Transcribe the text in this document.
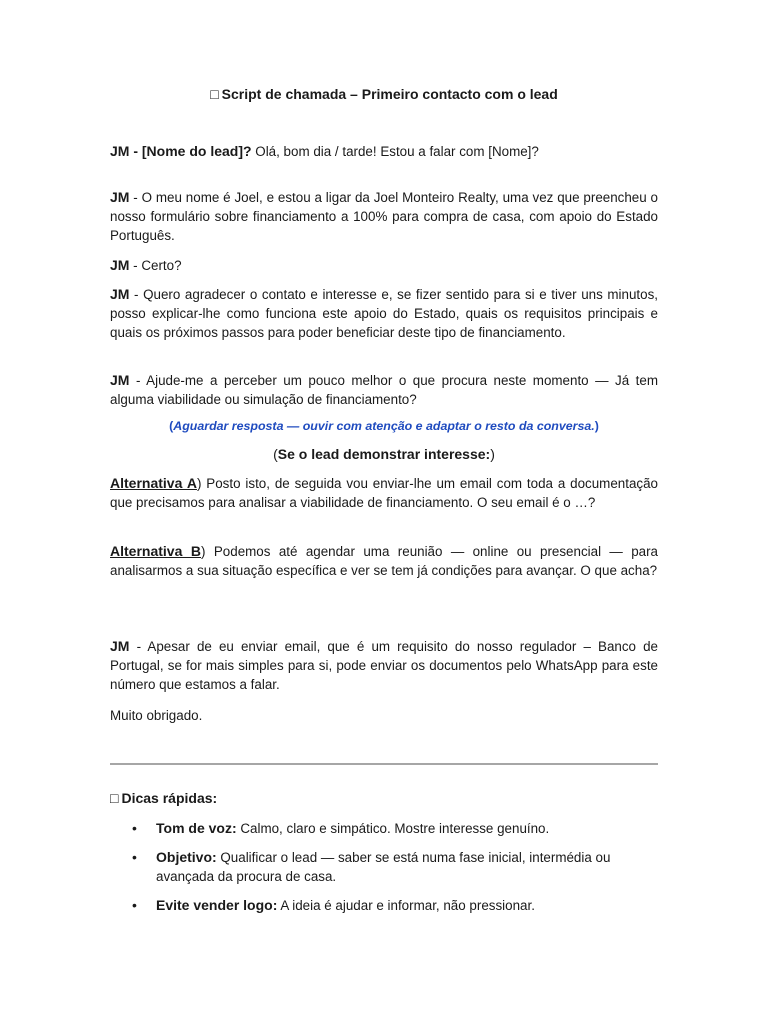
□ Script de chamada – Primeiro contacto com o lead

JM - [Nome do lead]? Olá, bom dia / tarde! Estou a falar com [Nome]?

JM - O meu nome é Joel, e estou a ligar da Joel Monteiro Realty, uma vez que preencheu o nosso formulário sobre financiamento a 100% para compra de casa, com apoio do Estado Português.

JM - Certo?

JM - Quero agradecer o contato e interesse e, se fizer sentido para si e tiver uns minutos, posso explicar-lhe como funciona este apoio do Estado, quais os requisitos principais e quais os próximos passos para poder beneficiar deste tipo de financiamento.

JM - Ajude-me a perceber um pouco melhor o que procura neste momento — Já tem alguma viabilidade ou simulação de financiamento?

(Aguardar resposta — ouvir com atenção e adaptar o resto da conversa.)
(Se o lead demonstrar interesse:)

Alternativa A) Posto isto, de seguida vou enviar-lhe um email com toda a documentação que precisamos para analisar a viabilidade de financiamento. O seu email é o …?

Alternativa B) Podemos até agendar uma reunião — online ou presencial — para analisarmos a sua situação específica e ver se tem já condições para avançar. O que acha?

JM - Apesar de eu enviar email, que é um requisito do nosso regulador – Banco de Portugal, se for mais simples para si, pode enviar os documentos pelo WhatsApp para este número que estamos a falar.

Muito obrigado.

□ Dicas rápidas:
• Tom de voz: Calmo, claro e simpático. Mostre interesse genuíno.
• Objetivo: Qualificar o lead — saber se está numa fase inicial, intermédia ou avançada da procura de casa.
• Evite vender logo: A ideia é ajudar e informar, não pressionar.
